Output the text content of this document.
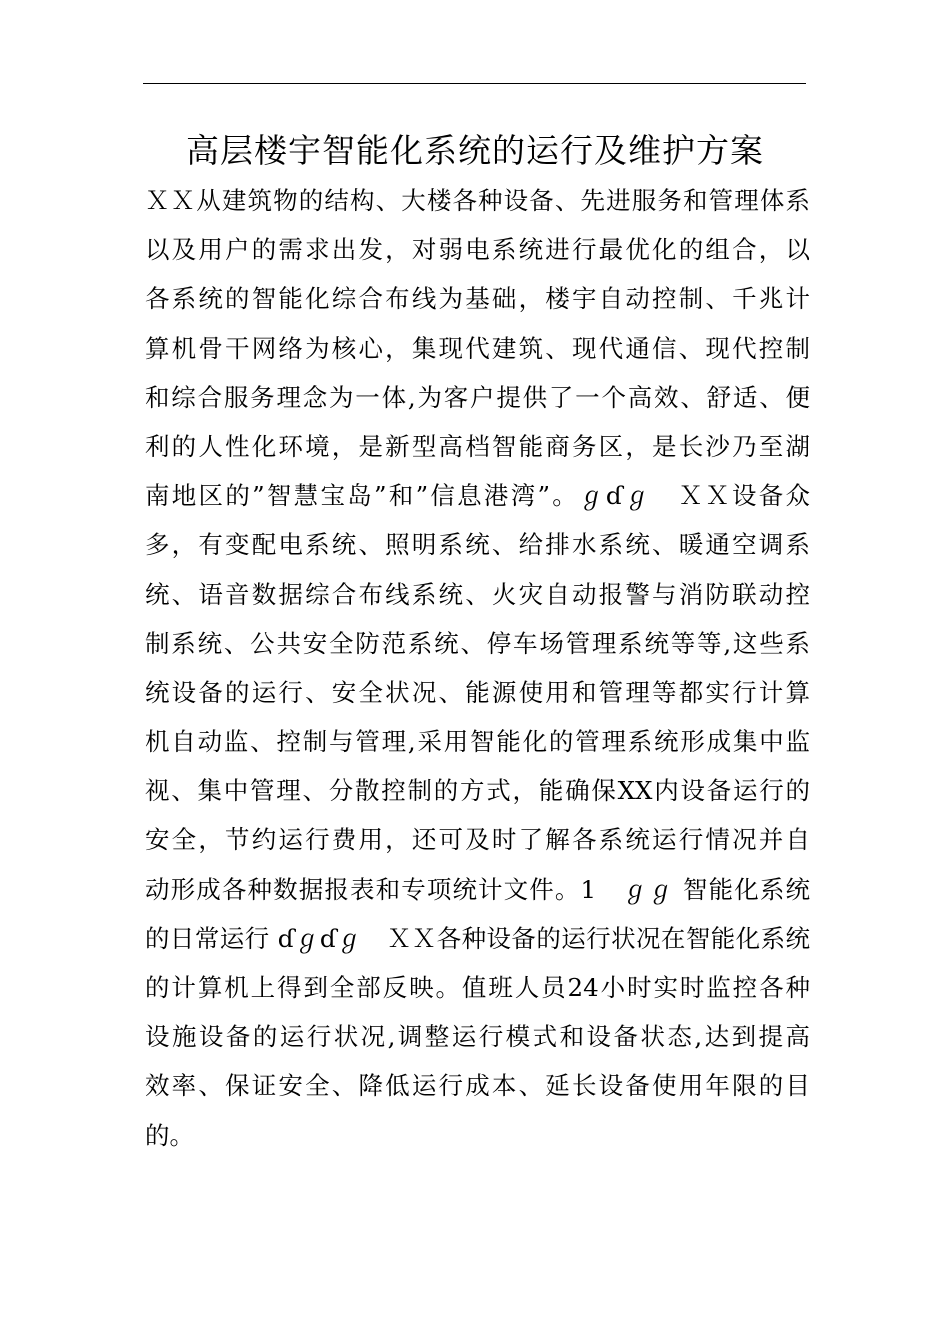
高层楼宇智能化系统的运行及维护方案
ＸＸ从建筑物的结构、大楼各种设备、先进服务和管理体系
以及用户的需求出发，对弱电系统进行最优化的组合，以
各系统的智能化综合布线为基础，楼宇自动控制、千兆计
算机骨干网络为核心，集现代建筑、现代通信、现代控制
和综合服务理念为一体,为客户提供了一个高效、舒适、便
利的人性化环境，是新型高档智能商务区，是长沙乃至湖
南地区的”智慧宝岛”和”信息港湾”。ℊɗℊ　ＸＸ设备众
多，有变配电系统、照明系统、给排水系统、暖通空调系
统、语音数据综合布线系统、火灾自动报警与消防联动控
制系统、公共安全防范系统、停车场管理系统等等,这些系
统设备的运行、安全状况、能源使用和管理等都实行计算
机自动监、控制与管理,采用智能化的管理系统形成集中监
视、集中管理、分散控制的方式，能确保XX内设备运行的
安全，节约运行费用，还可及时了解各系统运行情况并自
动形成各种数据报表和专项统计文件。1　ℊℊ 智能化系统
的日常运行 ɗℊɗℊ　ＸＸ各种设备的运行状况在智能化系统
的计算机上得到全部反映。值班人员24小时实时监控各种
设施设备的运行状况,调整运行模式和设备状态,达到提高
效率、保证安全、降低运行成本、延长设备使用年限的目
的。
